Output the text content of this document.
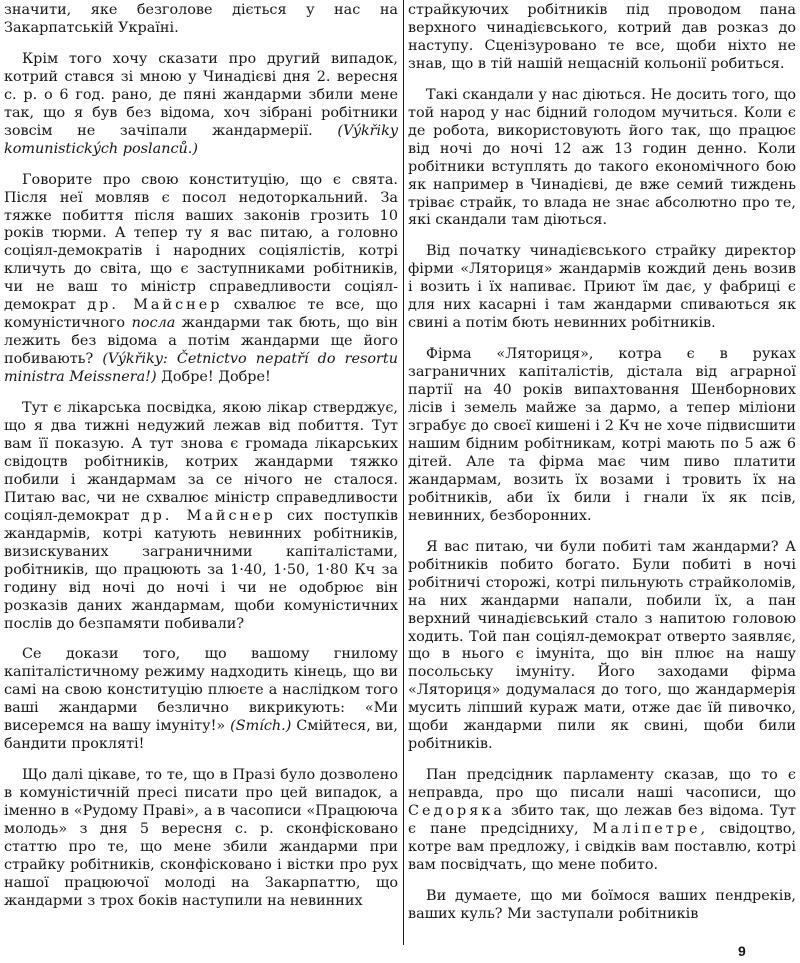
значити, яке безголове діється у нас на Закарпатській Україні.

Крім того хочу сказати про другий випадок, котрий стався зі мною у Чинадієві дня 2. вересня с. р. о 6 год. рано, де пяні жандарми збили мене так, що я був без відома, хоч зібрані робітники зовсім не зачіпали жандармерії. (Výkřiky komunistických poslanců.)

Говорите про свою конституцію, що є свята. Після неї мовляв є посол недоторкальний. За тяжке побиття після ваших законів грозить 10 років тюрми. А тепер ту я вас питаю, а головно соціял-демократів і народних соціялістів, котрі кличуть до світа, що є заступниками робітників, чи не ваш то міністр справедливости соціял-демократ др. Майснер схвалює те все, що комуністичного посла жандарми так бють, що він лежить без відома а потім жандарми ще його побивають? (Výkřiky: Četnictvo nepatří do resortu ministra Meissnera!) Добре! Добре!

Тут є лікарська посвідка, якою лікар стверджує, що я два тижні недужий лежав від побиття. Тут вам її показую. А тут знова є громада лікарських свідоцтв робітників, котрих жандарми тяжко побили і жандармам за се нічого не сталося. Питаю вас, чи не схвалює міністр справедливости соціял-демократ др. Майснер сих поступків жандармів, котрі катують невинних робітників, визискуваних заграничними капіталістами, робітників, що працюють за 1·40, 1·50, 1·80 Кч за годину від ночі до ночі і чи не одобрює він розказів даних жандармам, щоби комуністичних послів до безпамяти побивали?

Се докази того, що вашому гнилому капіталістичному режиму надходить кінець, що ви самі на свою конституцію плюєте а наслідком того ваші жандарми безлично викрикують: «Ми висеремся на вашу імуніту!» (Smích.) Смійтеся, ви, бандити прокляті!

Що далі цікаве, то те, що в Празі було дозволено в комуністичній пресі писати про цей випадок, а іменно в «Рудому Праві», а в часописи «Працююча молодь» з дня 5 вересня с. р. сконфісковано статтю про те, що мене збили жандарми при страйку робітників, сконфісковано і вістки про рух нашої працюючої молоді на Закарпаттю, що жандарми з трох боків наступили на невинних

страйкуючих робітників під проводом пана верхного чинадієвського, котрий дав розказ до наступу. Сценізуровано те все, щоби ніхто не знав, що в тій нашій нещасній кольонії робиться.

Такі скандали у нас діються. Не досить того, що той народ у нас бідний голодом мучиться. Коли є де робота, використовують його так, що працює від ночі до ночі 12 аж 13 годин денно. Коли робітники вступлять до такого економічного бою як например в Чинадієві, де вже семий тиждень тріває страйк, то влада не знає абсолютно про те, які скандали там діються.

Від початку чинадієвського страйку директор фірми «Ляториця» жандармів кождий день возив і возить і їх напиває. Приют їм дає, у фабриці є для них касарні і там жандарми спиваються як свині а потім бють невинних робітників.

Фірма «Ляториця», котра є в руках заграничних капіталістів, дістала від аграрної партії на 40 років випахтовання Шенборнових лісів і земель майже за дармо, а тепер міліони зграбує до своєї кишені і 2 Кч не хоче підвисшити нашим бідним робітникам, котрі мають по 5 аж 6 дітей. Але та фірма має чим пиво платити жандармам, возить їх возами і тровить їх на робітників, аби їх били і гнали їх як псів, невинних, безборонних.

Я вас питаю, чи були побиті там жандарми? А робітників побито богато. Були побиті в ночі робітничі сторожі, котрі пильнують страйколомів, на них жандарми напали, побили їх, а пан верхний чинадієвський стало з напитою головою ходить. Той пан соціял-демократ отверто заявляє, що в нього є імуніта, що він плює на нашу посольську імуніту. Його заходами фірма «Ляториця» додумалася до того, що жандармерія мусить ліпший кураж мати, отже дає їй пивочко, щоби жандарми пили як свині, щоби били робітників.

Пан предсідник парламенту сказав, що то є неправда, про що писали наші часописи, що Седоряка збито так, що лежав без відома. Тут є пане предсідниху, Маліпетре, свідоцтво, котре вам предложу, і свідків вам поставлю, котрі вам посвідчать, що мене побито.

Ви думаете, що ми боїмося ваших пендреків, ваших куль? Ми заступали робітників

9
